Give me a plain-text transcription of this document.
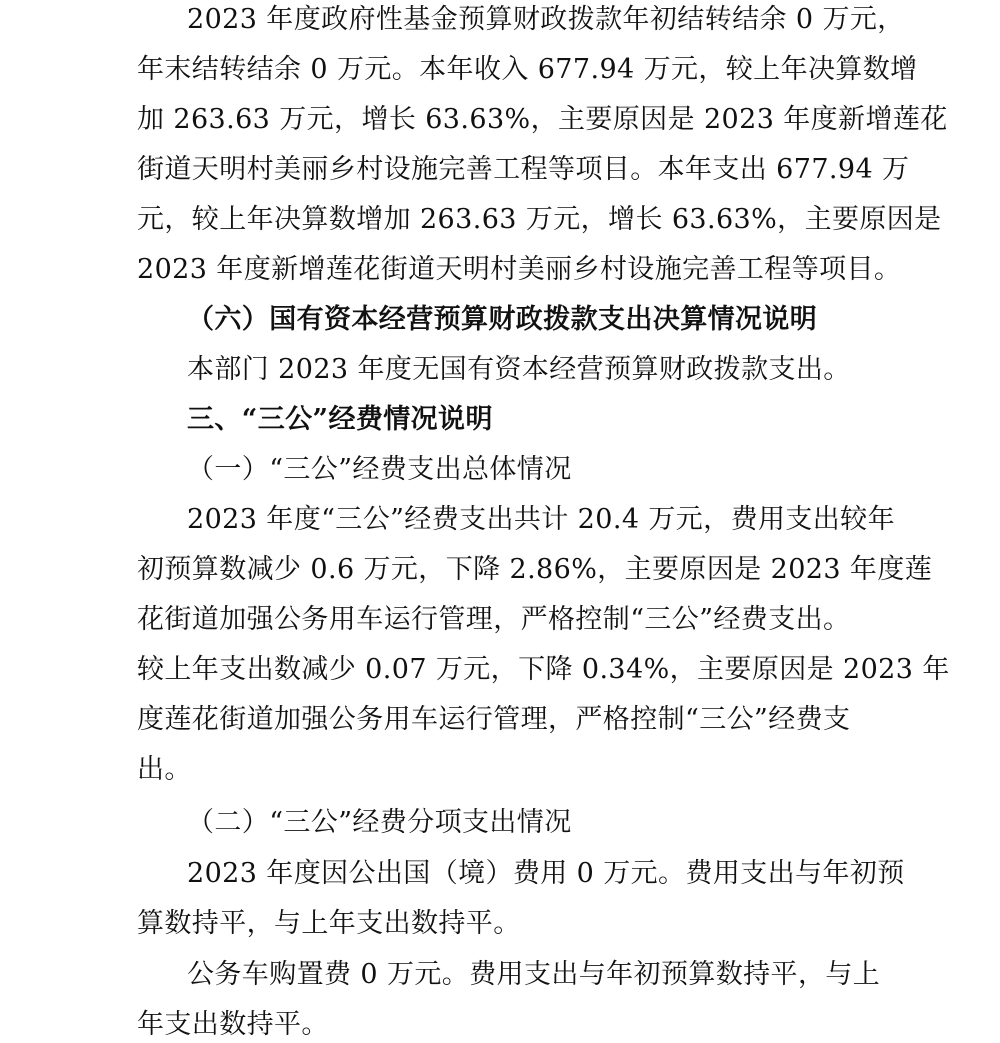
2023 年度政府性基金预算财政拨款年初结转结余 0 万元，
年末结转结余 0 万元。本年收入 677.94 万元，较上年决算数增
加 263.63 万元，增长 63.63%，主要原因是 2023 年度新增莲花
街道天明村美丽乡村设施完善工程等项目。本年支出 677.94 万
元，较上年决算数增加 263.63 万元，增长 63.63%，主要原因是
2023 年度新增莲花街道天明村美丽乡村设施完善工程等项目。
（六）国有资本经营预算财政拨款支出决算情况说明
本部门 2023 年度无国有资本经营预算财政拨款支出。
三、“三公”经费情况说明
（一）“三公”经费支出总体情况
2023 年度“三公”经费支出共计 20.4 万元，费用支出较年
初预算数减少 0.6 万元，下降 2.86%，主要原因是 2023 年度莲
花街道加强公务用车运行管理，严格控制“三公”经费支出。
较上年支出数减少 0.07 万元，下降 0.34%，主要原因是 2023 年
度莲花街道加强公务用车运行管理，严格控制“三公”经费支
出。
（二）“三公”经费分项支出情况
2023 年度因公出国（境）费用 0 万元。费用支出与年初预
算数持平，与上年支出数持平。
公务车购置费 0 万元。费用支出与年初预算数持平，与上
年支出数持平。
